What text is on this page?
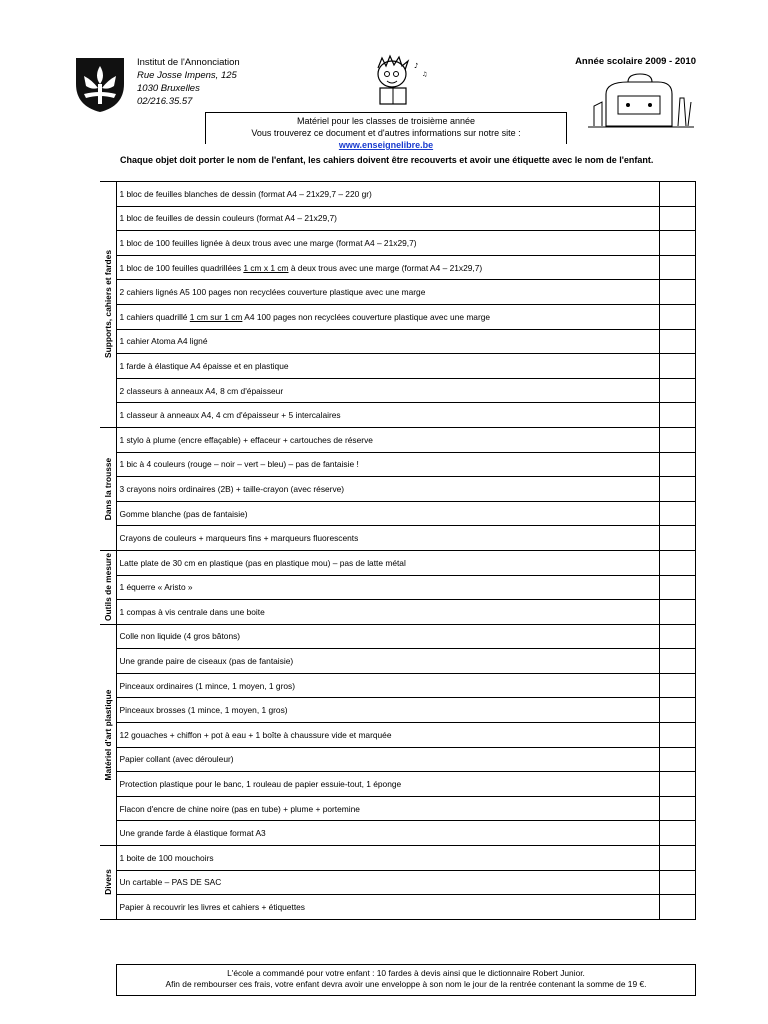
Institut de l'Annonciation
Rue Josse Impens, 125
1030 Bruxelles
02/216.35.57
♪
♫
Année scolaire 2009 - 2010
Matériel pour les classes de troisième année
Vous trouverez ce document et d'autres informations sur notre site : www.enseignelibre.be
Chaque objet doit porter le nom de l'enfant, les cahiers doivent être recouverts et avoir une étiquette avec le nom de l'enfant.
Supports, cahiers et fardes	1 bloc de feuilles blanches de dessin (format A4 – 21x29,7 – 220 gr)	
	1 bloc de feuilles de dessin couleurs (format A4 – 21x29,7)	
	1 bloc de 100 feuilles lignée à deux trous avec une marge (format A4 – 21x29,7)	
	1 bloc de 100 feuilles quadrillées 1 cm x 1 cm à deux trous avec une marge (format A4 – 21x29,7)	
	2 cahiers lignés A5 100 pages non recyclées couverture plastique avec une marge	
	1 cahiers quadrillé 1 cm sur 1 cm A4 100 pages non recyclées couverture plastique avec une marge	
	1 cahier Atoma A4 ligné	
	1 farde à élastique A4 épaisse et en plastique	
	2 classeurs à anneaux A4, 8 cm d'épaisseur	
	1 classeur à anneaux A4, 4 cm d'épaisseur + 5 intercalaires	

Dans la trousse	1 stylo à plume (encre effaçable) + effaceur + cartouches de réserve	
	1 bic à 4 couleurs (rouge – noir – vert – bleu) – pas de fantaisie !	
	3 crayons noirs ordinaires (2B) + taille-crayon (avec réserve)	
	Gomme blanche (pas de fantaisie)	
	Crayons de couleurs + marqueurs fins + marqueurs fluorescents	

Outils de mesure	Latte plate de 30 cm en plastique (pas en plastique mou) – pas de latte métal	
	1 équerre « Aristo »	
	1 compas à vis centrale dans une boite	

Matériel d'art plastique	Colle non liquide (4 gros bâtons)	
	Une grande paire de ciseaux (pas de fantaisie)	
	Pinceaux ordinaires (1 mince, 1 moyen, 1 gros)	
	Pinceaux brosses (1 mince, 1 moyen, 1 gros)	
	12 gouaches + chiffon + pot à eau + 1 boîte à chaussure vide et marquée	
	Papier collant (avec dérouleur)	
	Protection plastique pour le banc, 1 rouleau de papier essuie-tout, 1 éponge	
	Flacon d'encre de chine noire (pas en tube) + plume + portemine	
	Une grande farde à élastique format A3	

Divers	1 boite de 100 mouchoirs	
	Un cartable – PAS DE SAC	
	Papier à recouvrir les livres et cahiers + étiquettes	
L'école a commandé pour votre enfant : 10 fardes à devis ainsi que le dictionnaire Robert Junior.
Afin de rembourser ces frais, votre enfant devra avoir une enveloppe à son nom le jour de la rentrée contenant la somme de 19 €.
